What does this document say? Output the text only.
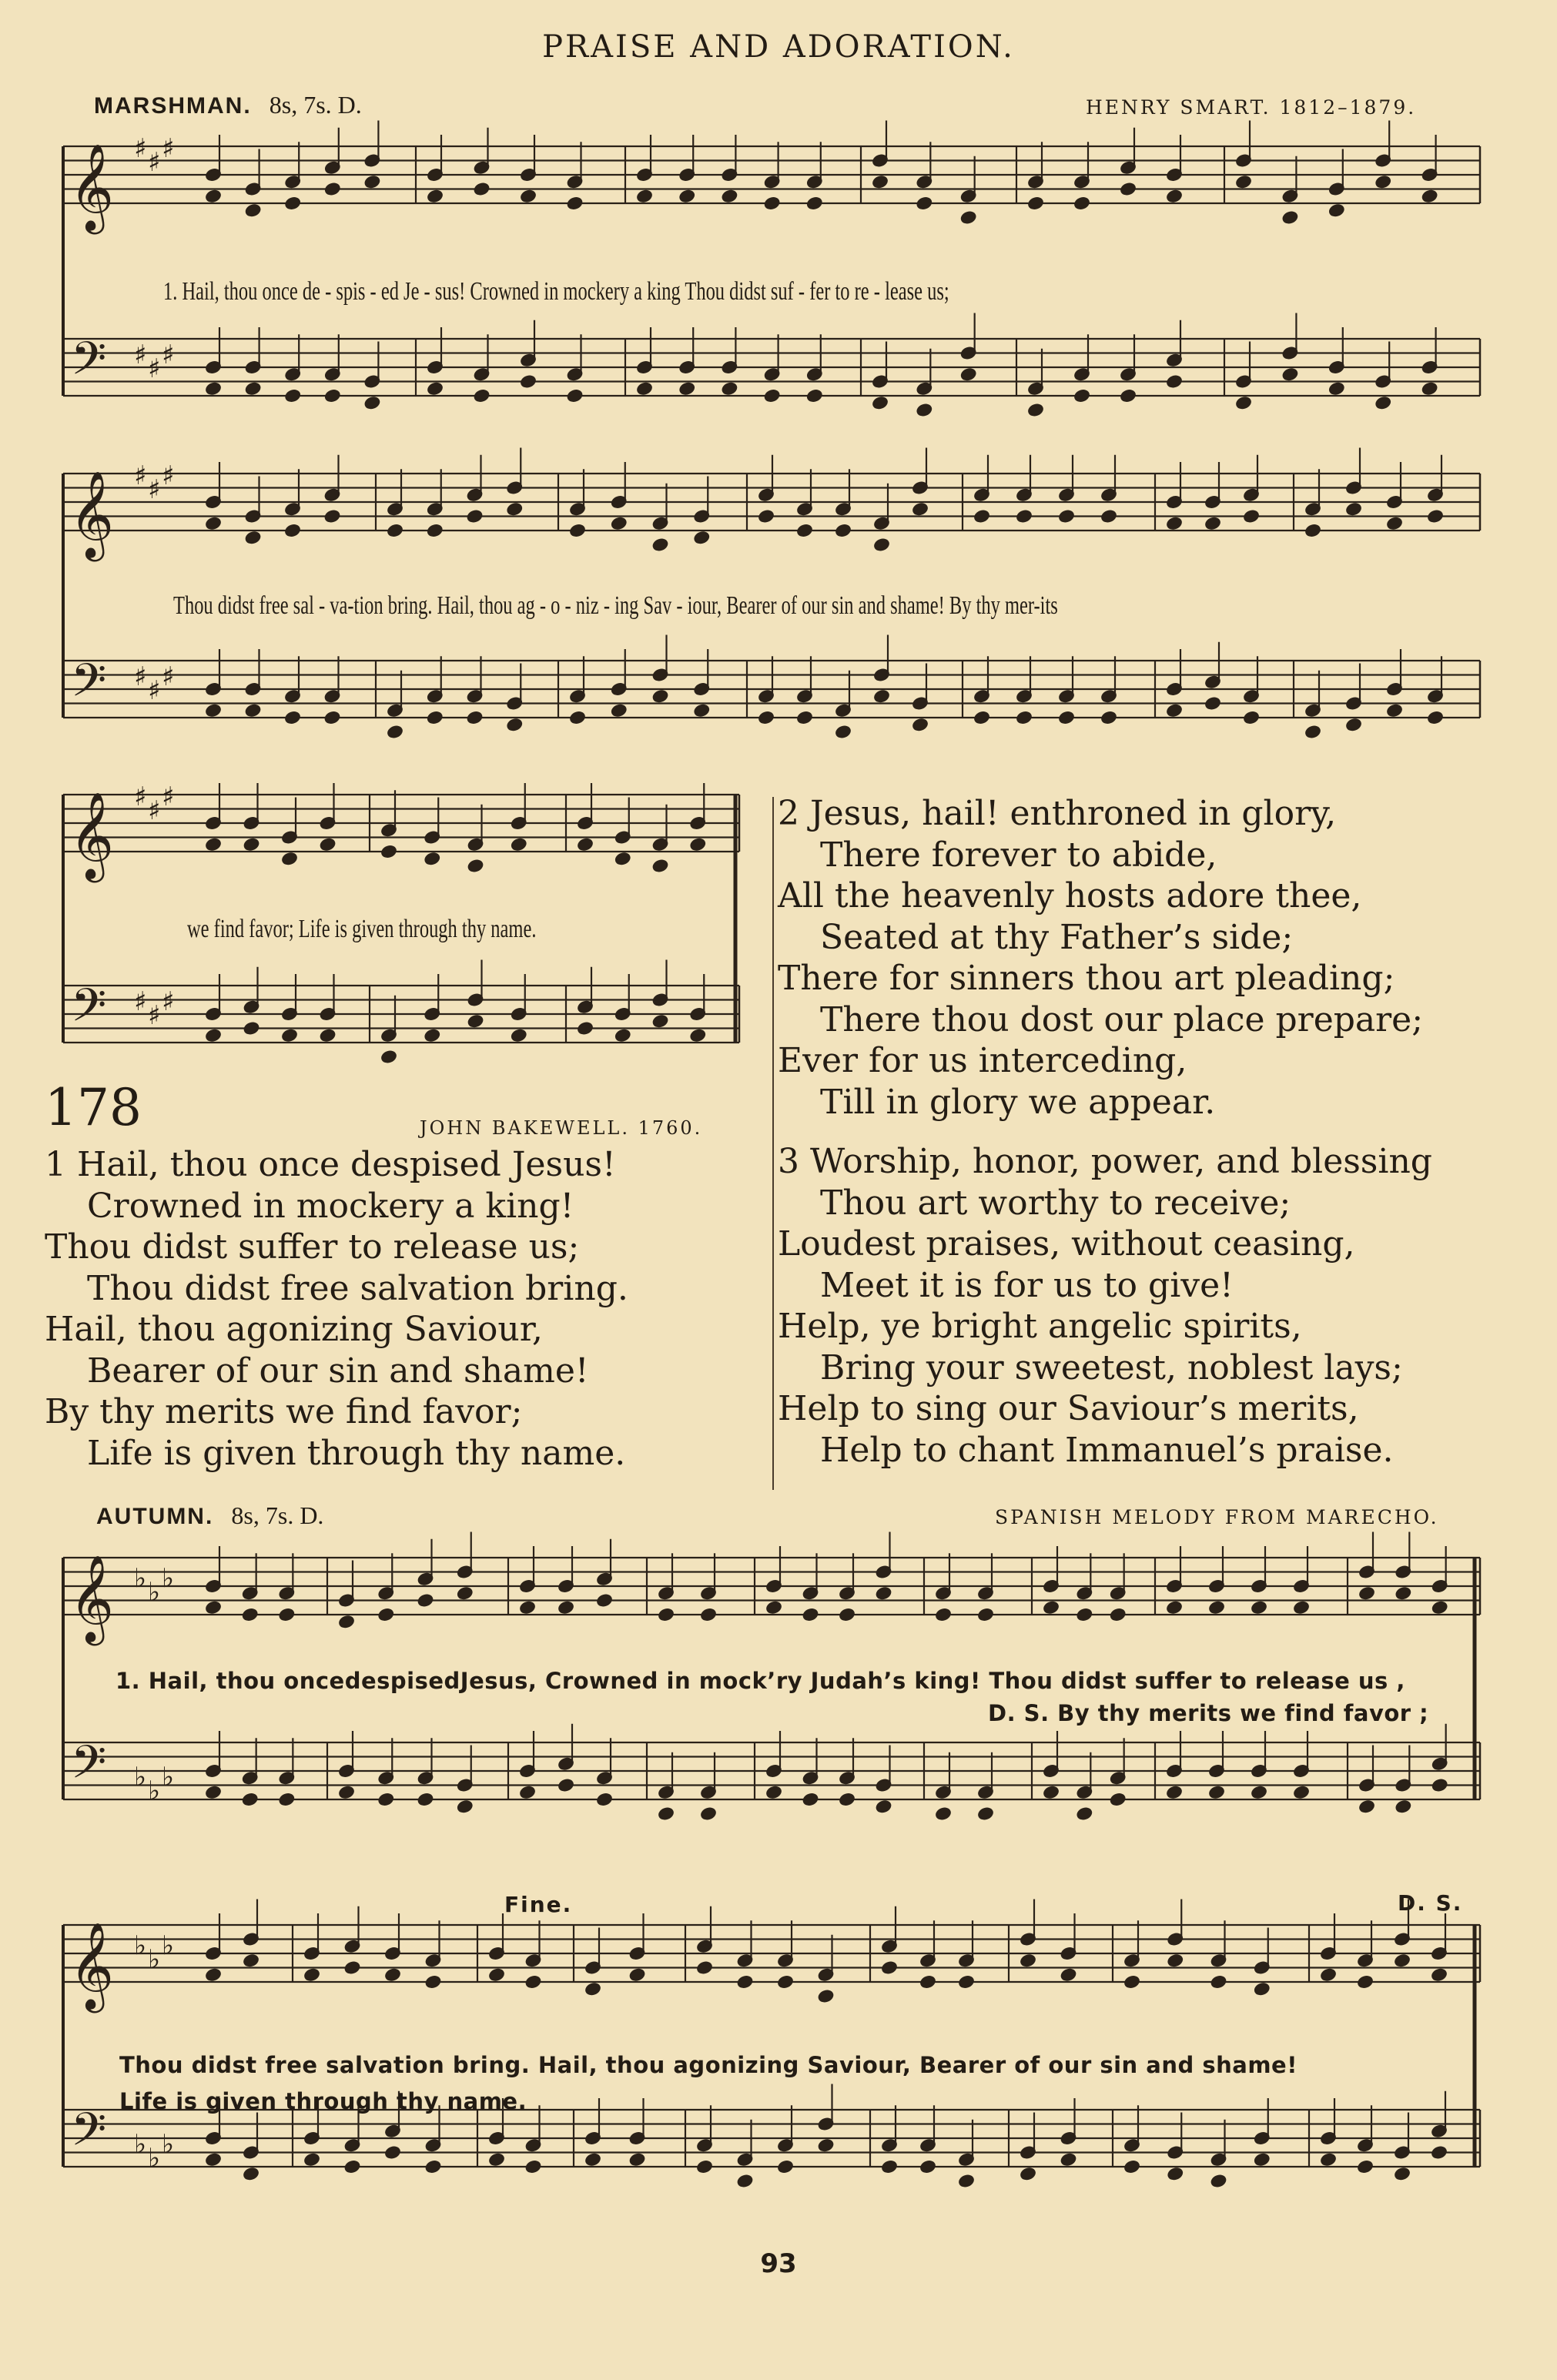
PRAISE AND ADORATION.
MARSHMAN. 8s, 7s. D.	HENRY SMART. 1812–1879.
𝄞
𝄢
♯
♯
♯
♯
♯
♯
𝄞
𝄢
♯
♯
♯
♯
♯
♯
𝄞
𝄢
♯
♯
♯
♯
♯
♯
𝄞
𝄢
♭
♭
♭
♭
♭
♭
𝄞
𝄢
♭
♭
♭
♭
♭
♭
1. Hail, thou once de - spis - ed Je - sus! Crowned in mockery a king Thou didst suf - fer to re - lease us;
Thou didst free sal - va-tion bring. Hail, thou ag - o - niz - ing Sav - iour, Bearer of our sin and shame! By thy mer-its
we find favor; Life is given through thy name.
178	JOHN BAKEWELL. 1760.
1 Hail, thou once despised Jesus!
Crowned in mockery a king!
Thou didst suffer to release us;
Thou didst free salvation bring.
Hail, thou agonizing Saviour,
Bearer of our sin and shame!
By thy merits we find favor;
Life is given through thy name.
2 Jesus, hail! enthroned in glory,
There forever to abide,
All the heavenly hosts adore thee,
Seated at thy Father’s side;
There for sinners thou art pleading;
There thou dost our place prepare;
Ever for us interceding,
Till in glory we appear.
3 Worship, honor, power, and blessing
Thou art worthy to receive;
Loudest praises, without ceasing,
Meet it is for us to give!
Help, ye bright angelic spirits,
Bring your sweetest, noblest lays;
Help to sing our Saviour’s merits,
Help to chant Immanuel’s praise.
AUTUMN. 8s, 7s. D.	SPANISH MELODY FROM MARECHO.
1. Hail, thou oncedespisedJesus, Crowned in mock’ry Judah’s king! Thou didst suffer to release us ,
D. S. By thy merits we find favor ;
Thou didst free salvation bring. Hail, thou agonizing Saviour, Bearer of our sin and shame!
Life is given through thy name.
Fine.	D. S.
93
